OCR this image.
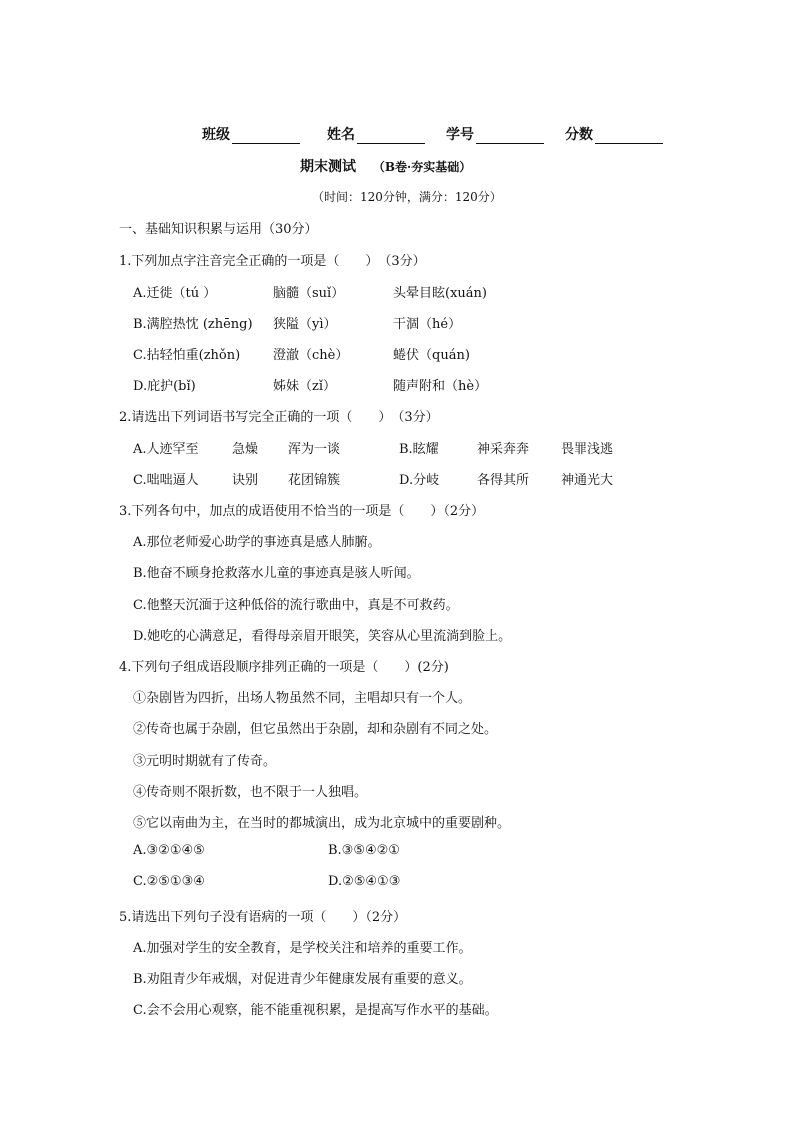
班级	姓名	学号	分数
期末测试 （B卷·夯实基础）
（时间：120分钟，满分：120分）
一、基础知识积累与运用（30分）
1.下列加点字注音完全正确的一项是（　　）　（3分）
A.迁徙（tú ）	脑髓（suǐ）	头晕目眩(xuán)
B.满腔热忱 (zhēng) 狭隘（yì）	干涸（hé）
C.拈轻怕重(zhǒn)	澄澈（chè）	蜷伏（quán)
D.庇护(bǐ)	姊妹（zǐ）	随声附和（hè）
2.请选出下列词语书写完全正确的一项（　　）　（3分）
A.人迹罕至	急燥 浑为一谈	B.眩耀	神采奔奔 畏罪浅逃
C.咄咄逼人	诀别 花团锦簇	D.分岐	各得其所 神通光大
3.下列各句中，加点的成语使用不恰当的一项是（　　）（2分）
A.那位老师爱心助学的事迹真是感人肺腑。
B.他奋不顾身抢救落水儿童的事迹真是骇人听闻。
C.他整天沉湎于这种低俗的流行歌曲中，真是不可救药。
D.她吃的心满意足，看得母亲眉开眼笑，笑容从心里流淌到脸上。
4.下列句子组成语段顺序排列正确的一项是（　　）(2分)
①杂剧皆为四折，出场人物虽然不同，主唱却只有一个人。
②传奇也属于杂剧，但它虽然出于杂剧，却和杂剧有不同之处。
③元明时期就有了传奇。
④传奇则不限折数，也不限于一人独唱。
⑤它以南曲为主，在当时的都城演出，成为北京城中的重要剧种。
A.③②①④⑤	B.③⑤④②①
C.②⑤①③④	D.②⑤④①③
5.请选出下列句子没有语病的一项（　　）（2分）
A.加强对学生的安全教育，是学校关注和培养的重要工作。
B.劝阻青少年戒烟，对促进青少年健康发展有重要的意义。
C.会不会用心观察，能不能重视积累，是提高写作水平的基础。
